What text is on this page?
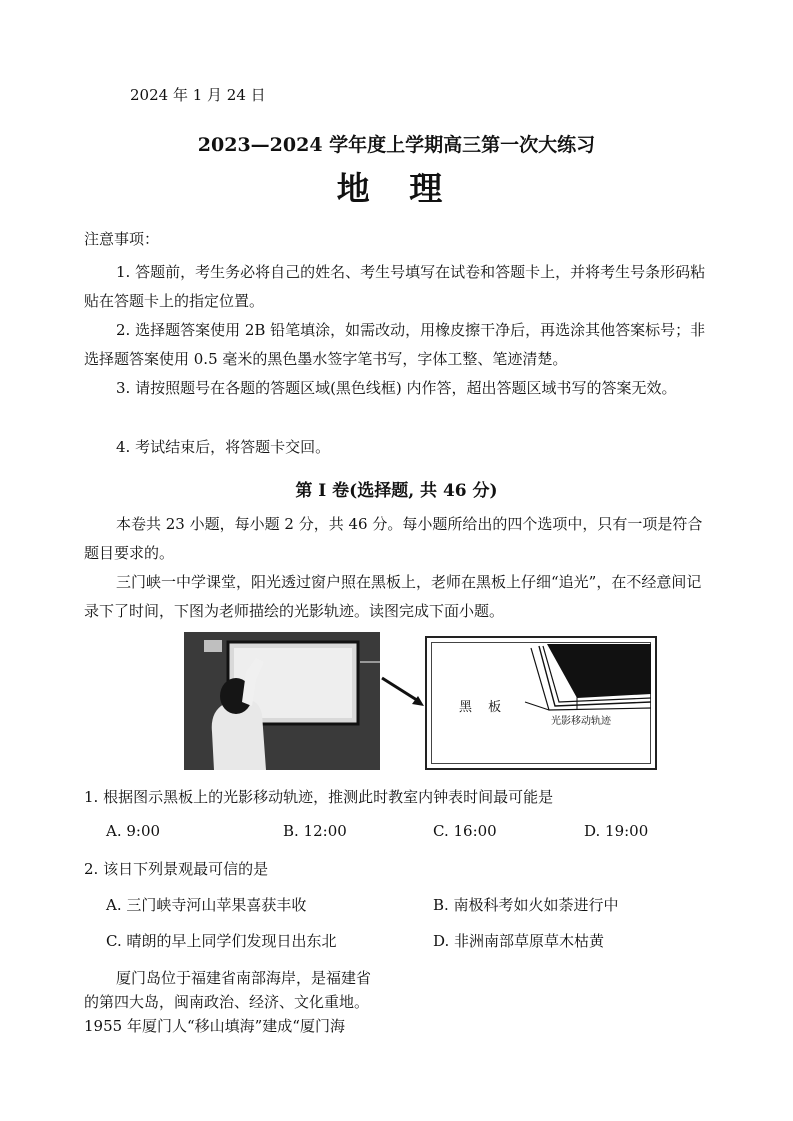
2024 年 1 月 24 日
2023—2024 学年度上学期高三第一次大练习
地 理
注意事项：
1. 答题前，考生务必将自己的姓名、考生号填写在试卷和答题卡上，并将考生号条形码粘贴在答题卡上的指定位置。
2. 选择题答案使用 2B 铅笔填涂，如需改动，用橡皮擦干净后，再选涂其他答案标号；非选择题答案使用 0.5 毫米的黑色墨水签字笔书写，字体工整、笔迹清楚。
3. 请按照题号在各题的答题区域(黑色线框) 内作答，超出答题区域书写的答案无效。
4. 考试结束后，将答题卡交回。
第 I 卷(选择题, 共 46 分)
本卷共 23 小题，每小题 2 分，共 46 分。每小题所给出的四个选项中，只有一项是符合题目要求的。
三门峡一中学课堂，阳光透过窗户照在黑板上，老师在黑板上仔细“追光”，在不经意间记录下了时间，下图为老师描绘的光影轨迹。读图完成下面小题。
黑 板
光影移动轨迹
1. 根据图示黑板上的光影移动轨迹，推测此时教室内钟表时间最可能是
A. 9:00	B. 12:00	C. 16:00	D. 19:00
2. 该日下列景观最可信的是
A. 三门峡寺河山苹果喜获丰收	B. 南极科考如火如荼进行中
C. 晴朗的早上同学们发现日出东北	D. 非洲南部草原草木枯黄
厦门岛位于福建省南部海岸，是福建省
的第四大岛，闽南政治、经济、文化重地。
1955 年厦门人“移山填海”建成“厦门海
